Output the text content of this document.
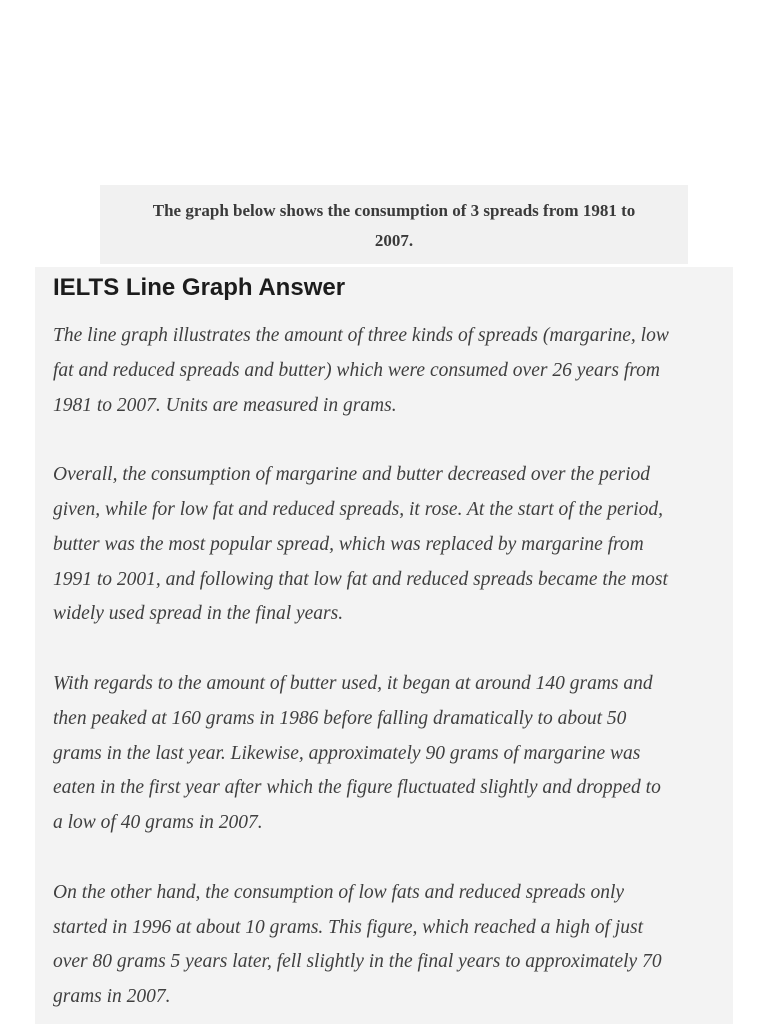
The graph below shows the consumption of 3 spreads from 1981 to
2007.

IELTS Line Graph Answer

The line graph illustrates the amount of three kinds of spreads (margarine, low
fat and reduced spreads and butter) which were consumed over 26 years from
1981 to 2007. Units are measured in grams.

Overall, the consumption of margarine and butter decreased over the period
given, while for low fat and reduced spreads, it rose. At the start of the period,
butter was the most popular spread, which was replaced by margarine from
1991 to 2001, and following that low fat and reduced spreads became the most
widely used spread in the final years.

With regards to the amount of butter used, it began at around 140 grams and
then peaked at 160 grams in 1986 before falling dramatically to about 50
grams in the last year. Likewise, approximately 90 grams of margarine was
eaten in the first year after which the figure fluctuated slightly and dropped to
a low of 40 grams in 2007.

On the other hand, the consumption of low fats and reduced spreads only
started in 1996 at about 10 grams. This figure, which reached a high of just
over 80 grams 5 years later, fell slightly in the final years to approximately 70
grams in 2007.
